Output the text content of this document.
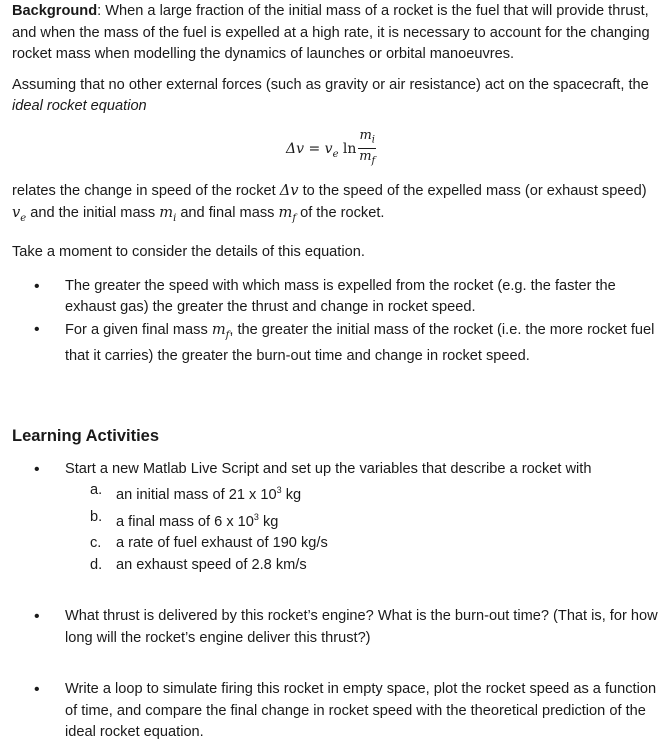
Background: When a large fraction of the initial mass of a rocket is the fuel that will provide thrust, and when the mass of the fuel is expelled at a high rate, it is necessary to account for the changing rocket mass when modelling the dynamics of launches or orbital manoeuvres.

Assuming that no other external forces (such as gravity or air resistance) act on the spacecraft, the ideal rocket equation

$\Delta v = v_e$ $\ln \frac{m_i}{m_f}$

relates the change in speed of the rocket Δv to the speed of the expelled mass (or exhaust speed) $v_e$ and the initial mass $m_i$ and final mass $m_f$ of the rocket.

Take a moment to consider the details of this equation.

• The greater the speed with which mass is expelled from the rocket (e.g. the faster the exhaust gas) the greater the thrust and change in rocket speed.
• For a given final mass $m_f$, the greater the initial mass of the rocket (i.e. the more rocket fuel that it carries) the greater the burn-out time and change in rocket speed.
Learning Activities
• Start a new Matlab Live Script and set up the variables that describe a rocket with
a. an initial mass of 21 x $10^3$ kg
b. a final mass of 6 x $10^3$ kg
c.	a rate of fuel exhaust of 190 kg/s
d. an exhaust speed of 2.8 km/s
• What thrust is delivered by this rocket’s engine? What is the burn-out time? (That is, for how long will the rocket’s engine deliver this thrust?)
• Write a loop to simulate firing this rocket in empty space, plot the rocket speed as a function of time, and compare the final change in rocket speed with the theoretical prediction of the ideal rocket equation.
